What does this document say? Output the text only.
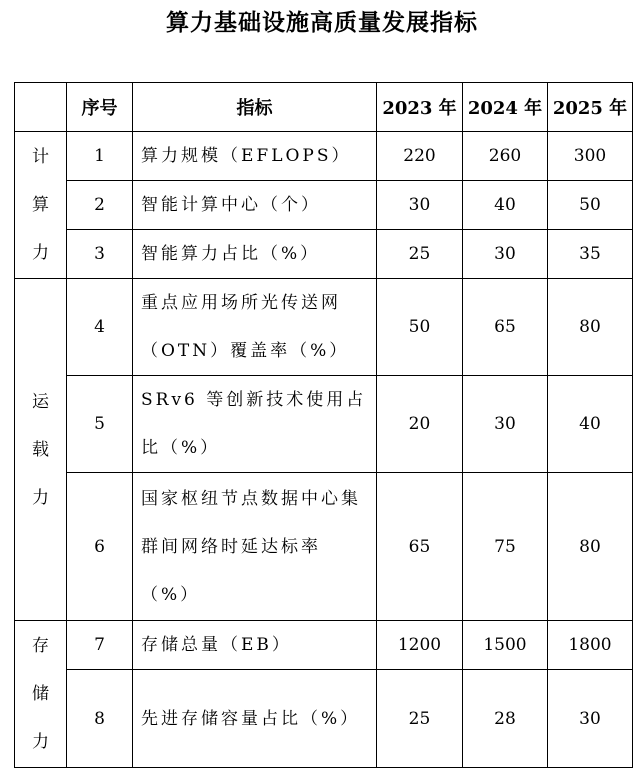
算力基础设施高质量发展指标
	序号	指标	2023 年	2024 年	2025 年

计
算
力	1	算力规模（EFLOPS）	220	260	300
	2	智能计算中心（个）	30	40	50
	3	智能算力占比（%）	25	30	35

运
载
力	4	重点应用场所光传送网（OTN）覆盖率（%）	50	65	80
	5	SRv6 等创新技术使用占比（%）	20	30	40
	6	国家枢纽节点数据中心集群间网络时延达标率（%）	65	75	80

存
储
力	7	存储总量（EB）	1200	1500	1800
	8	先进存储容量占比（%）	25	28	30
